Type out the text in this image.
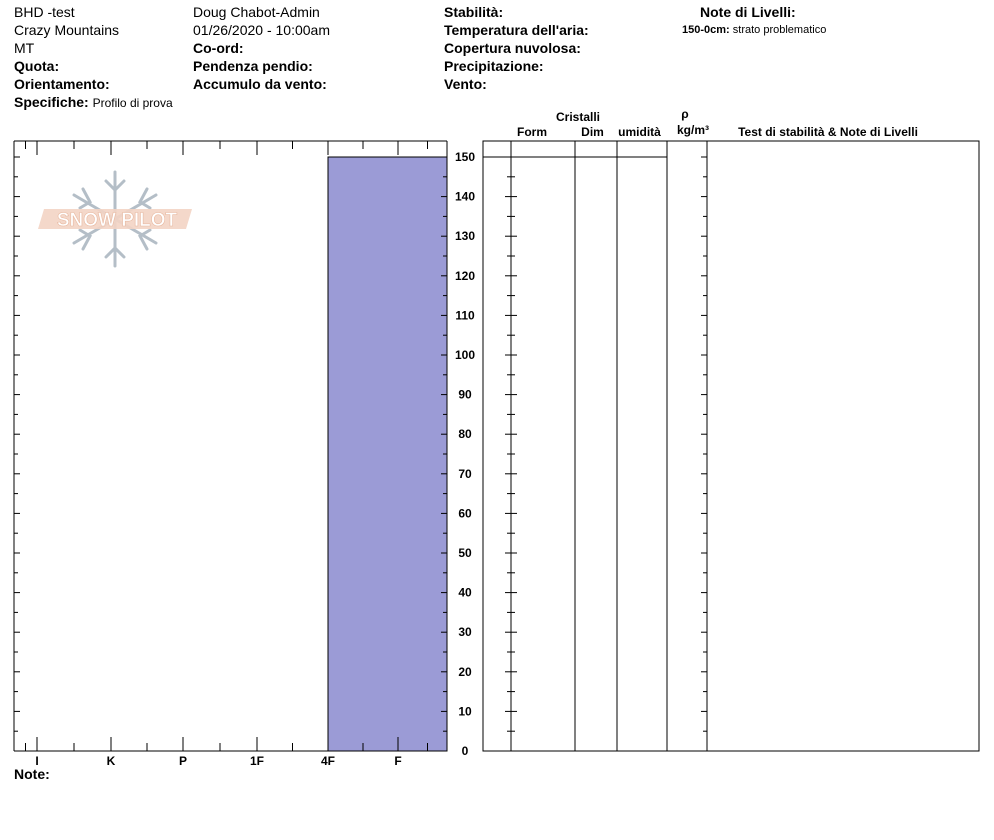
BHD -test
Crazy Mountains
MT
Quota:
Orientamento:
Specifiche: Profilo di prova
Doug Chabot-Admin
01/26/2020 - 10:00am
Co-ord:
Pendenza pendio:
Accumulo da vento:
Stabilità:
Temperatura dell'aria:
Copertura nuvolosa:
Precipitazione:
Vento:
Note di Livelli:
150-0cm: strato problematico
Cristalli
Form	Dim	umidità
ρ
kg/m³	Test di stabilità & Note di Livelli
Note:
SNOW PILOT
I	K	P	1F	4F	F
0
10
20
30
40
50
60
70
80
90
100
110
120
130
140
150
